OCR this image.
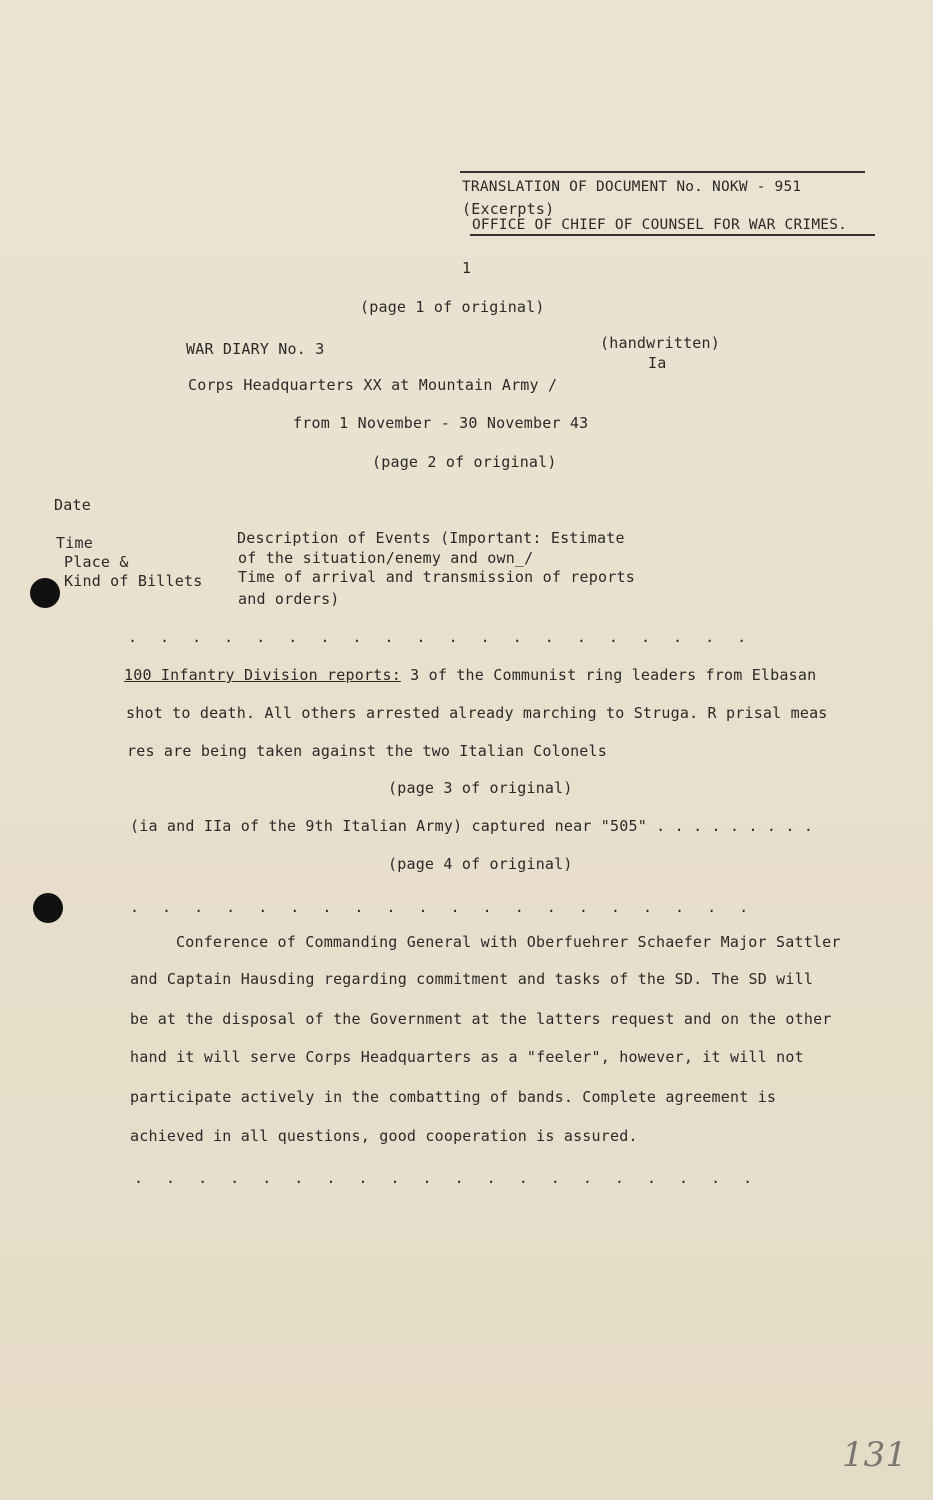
TRANSLATION OF DOCUMENT No. NOKW - 951
(Excerpts)
OFFICE OF CHIEF OF COUNSEL FOR WAR CRIMES.
1
(page 1 of original)
WAR DIARY No. 3	(handwritten)
Ia
Corps Headquarters XX at Mountain Army /
from 1 November - 30 November 43
(page 2 of original)
Date
Time
Place &
Kind of Billets
Description of Events (Important: Estimate
of the situation/enemy and own_/
Time of arrival and transmission of reports
and orders)
. . . . . . . . . . . . . . . . . . . .
100 Infantry Division reports: 3 of the Communist ring leaders from Elbasan
shot to death. All others arrested already marching to Struga. R prisal meas
res are being taken against the two Italian Colonels
(page 3 of original)
(ia and IIa of the 9th Italian Army) captured near "505" . . . . . . . . .
(page 4 of original)
. . . . . . . . . . . . . . . . . . . .
Conference of Commanding General with Oberfuehrer Schaefer Major Sattler
and Captain Hausding regarding commitment and tasks of the SD. The SD will
be at the disposal of the Government at the latters request and on the other
hand it will serve Corps Headquarters as a "feeler", however, it will not
participate actively in the combatting of bands. Complete agreement is
achieved in all questions, good cooperation is assured.
. . . . . . . . . . . . . . . . . . . .
131
